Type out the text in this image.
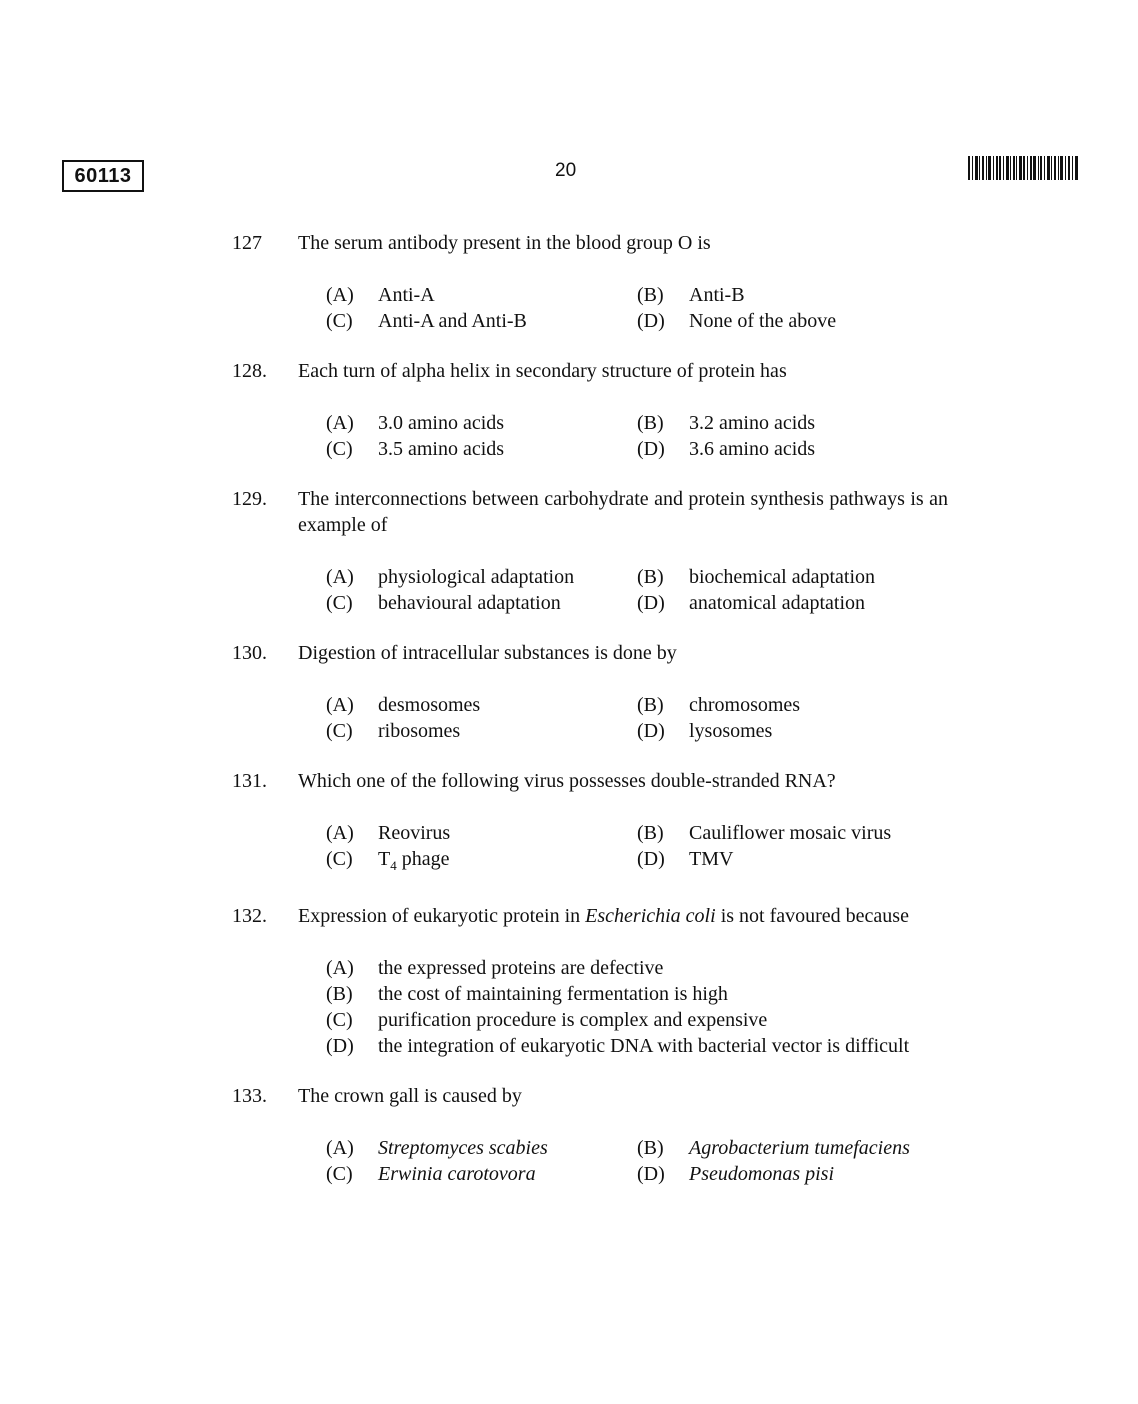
60113	20
127	The serum antibody present in the blood group O is
(A)	Anti-A	(B)	Anti-B
(C)	Anti-A and Anti-B	(D)	None of the above
128.	Each turn of alpha helix in secondary structure of protein has
(A)	3.0 amino acids	(B)	3.2 amino acids
(C)	3.5 amino acids	(D)	3.6 amino acids
129.	The interconnections between carbohydrate and protein synthesis pathways is an example of
(A)	physiological adaptation	(B)	biochemical adaptation
(C)	behavioural adaptation	(D)	anatomical adaptation
130.	Digestion of intracellular substances is done by
(A)	desmosomes	(B)	chromosomes
(C)	ribosomes	(D)	lysosomes
131.	Which one of the following virus possesses double-stranded RNA?
(A)	Reovirus	(B)	Cauliflower mosaic virus
(C)	$T_4$ phage	(D)	TMV
132.	Expression of eukaryotic protein in Escherichia coli is not favoured because
(A)	the expressed proteins are defective
(B)	the cost of maintaining fermentation is high
(C)	purification procedure is complex and expensive
(D)	the integration of eukaryotic DNA with bacterial vector is difficult
133.	The crown gall is caused by
(A)	Streptomyces scabies	(B)	Agrobacterium tumefaciens
(C)	Erwinia carotovora	(D)	Pseudomonas pisi
